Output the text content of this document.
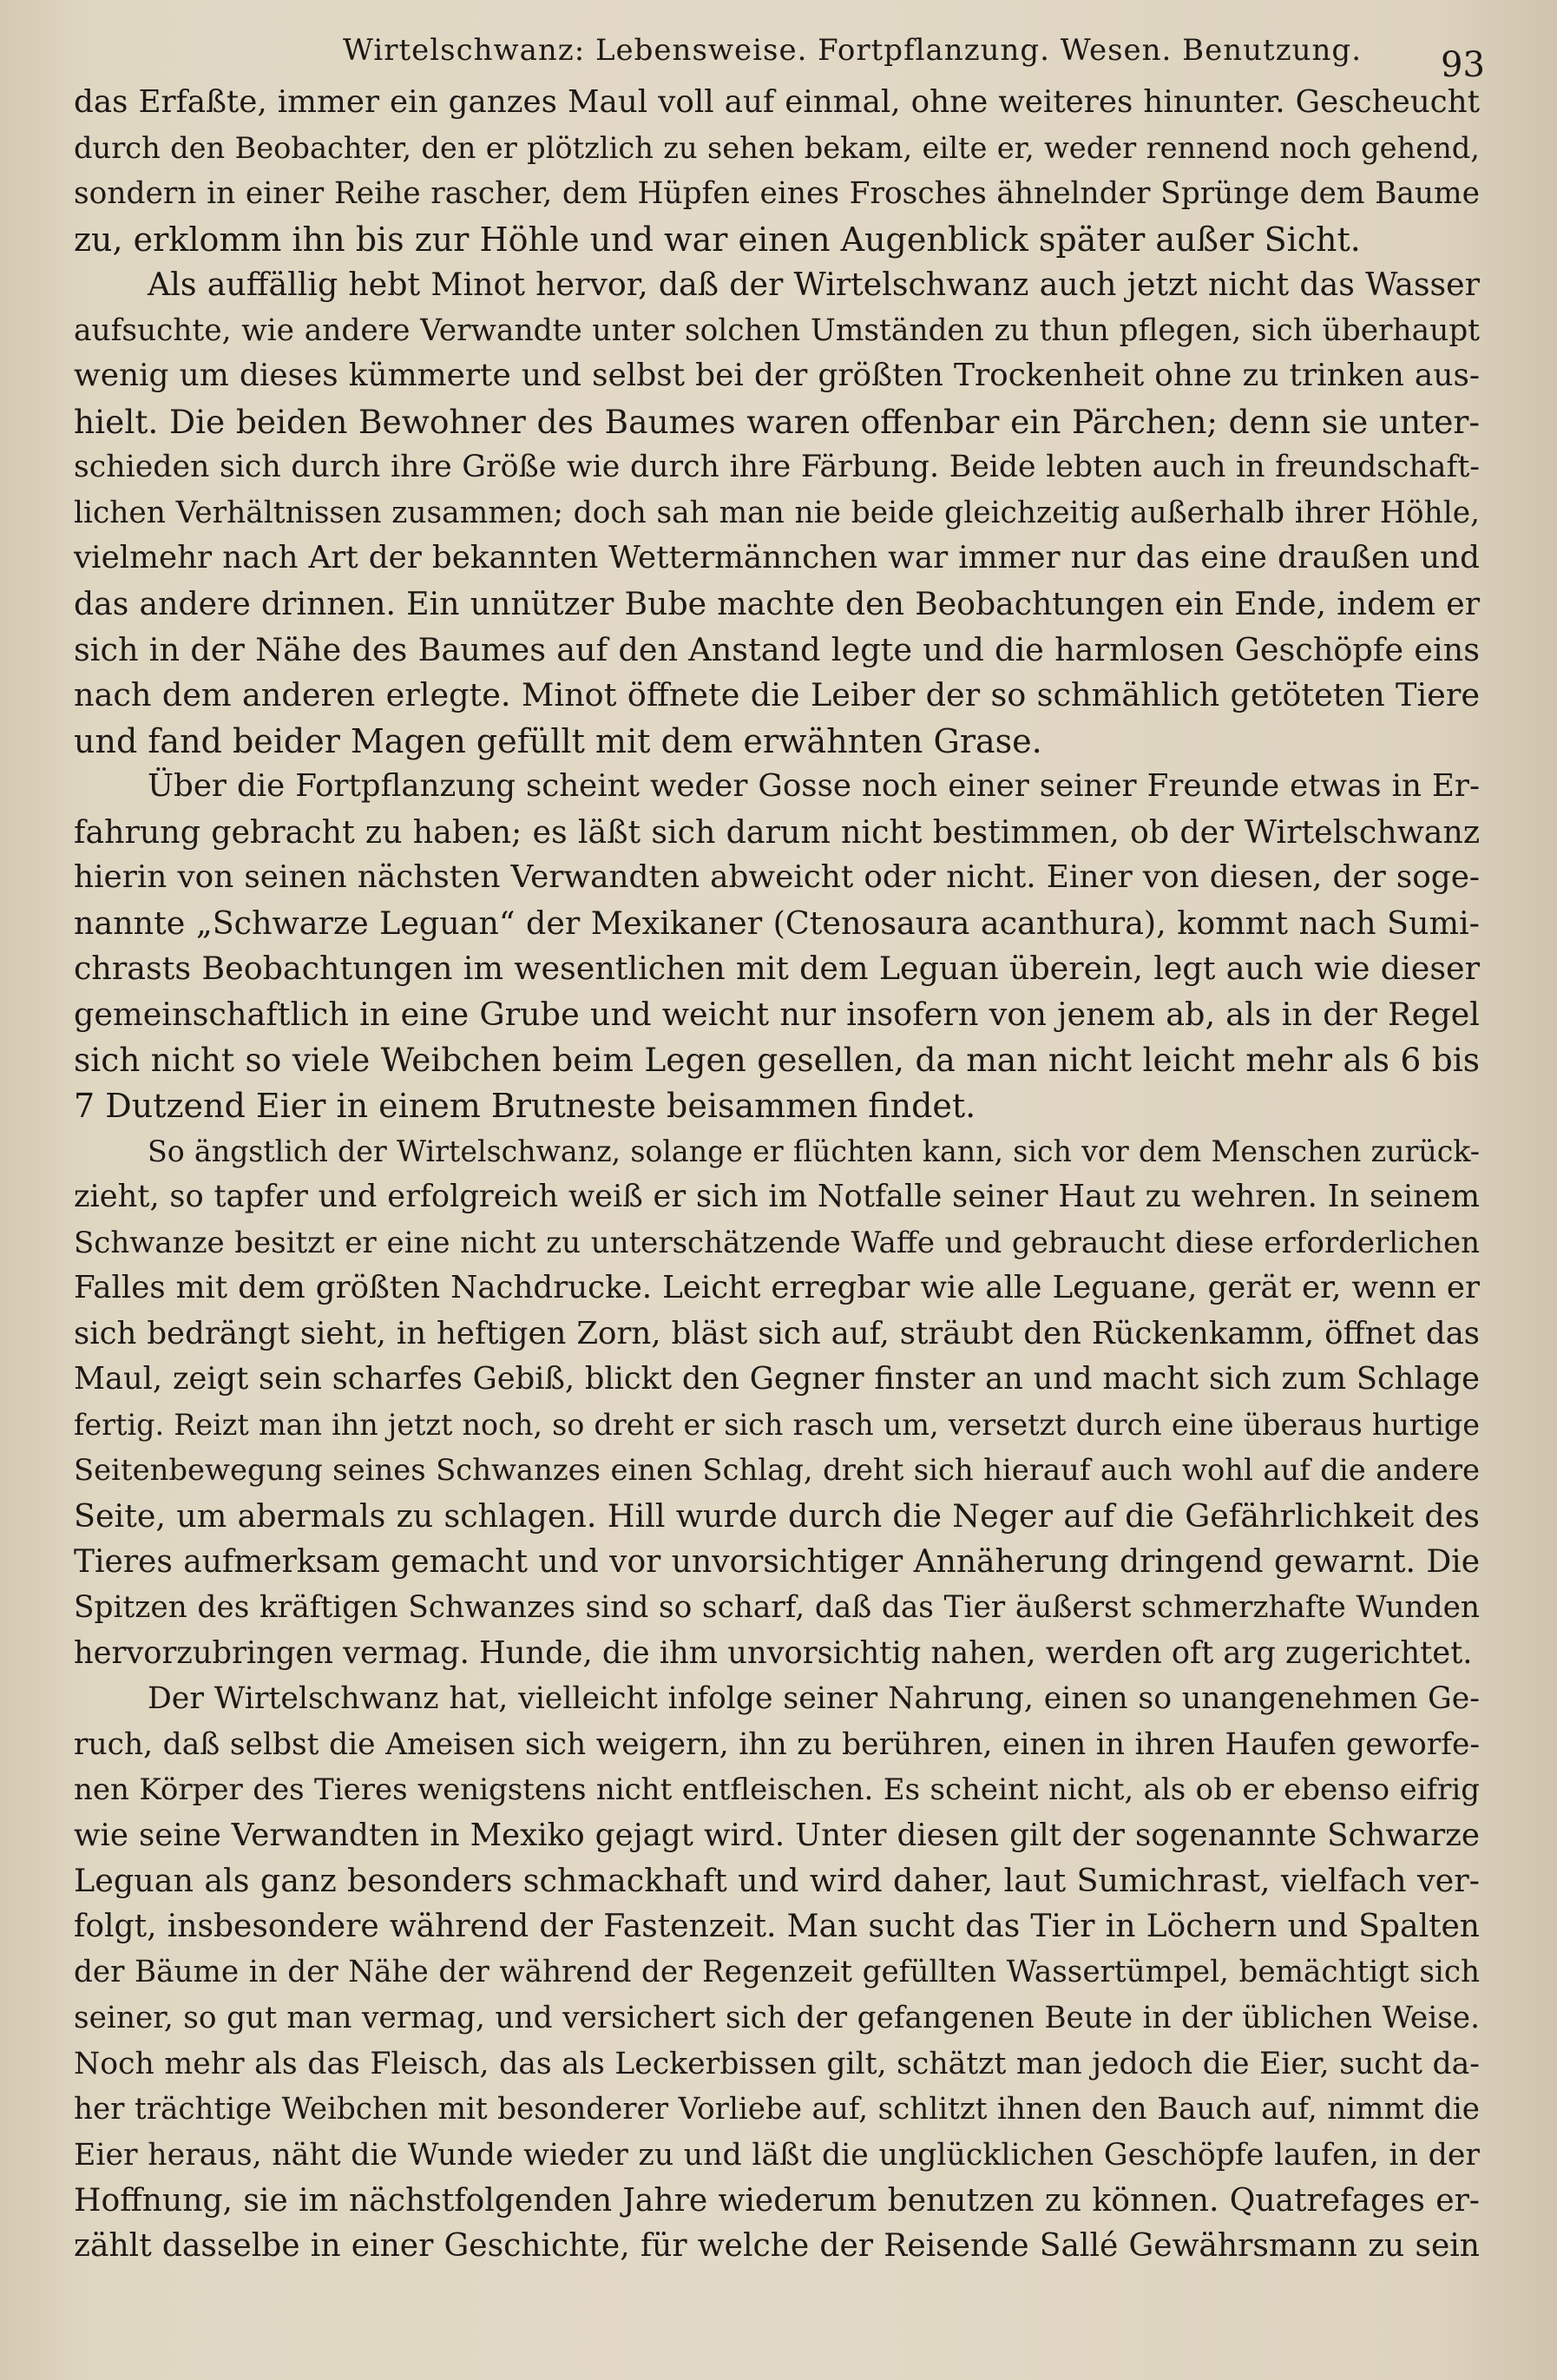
Wirtelschwanz: Lebensweise. Fortpflanzung. Wesen. Benutzung. 93
das Erfaßte, immer ein ganzes Maul voll auf einmal, ohne weiteres hinunter. Gescheucht
durch den Beobachter, den er plötzlich zu sehen bekam, eilte er, weder rennend noch gehend,
sondern in einer Reihe rascher, dem Hüpfen eines Frosches ähnelnder Sprünge dem Baume
zu, erklomm ihn bis zur Höhle und war einen Augenblick später außer Sicht.
Als auffällig hebt Minot hervor, daß der Wirtelschwanz auch jetzt nicht das Wasser
aufsuchte, wie andere Verwandte unter solchen Umständen zu thun pflegen, sich überhaupt
wenig um dieses kümmerte und selbst bei der größten Trockenheit ohne zu trinken aus-
hielt. Die beiden Bewohner des Baumes waren offenbar ein Pärchen; denn sie unter-
schieden sich durch ihre Größe wie durch ihre Färbung. Beide lebten auch in freundschaft-
lichen Verhältnissen zusammen; doch sah man nie beide gleichzeitig außerhalb ihrer Höhle,
vielmehr nach Art der bekannten Wettermännchen war immer nur das eine draußen und
das andere drinnen. Ein unnützer Bube machte den Beobachtungen ein Ende, indem er
sich in der Nähe des Baumes auf den Anstand legte und die harmlosen Geschöpfe eins
nach dem anderen erlegte. Minot öffnete die Leiber der so schmählich getöteten Tiere
und fand beider Magen gefüllt mit dem erwähnten Grase.
Über die Fortpflanzung scheint weder Gosse noch einer seiner Freunde etwas in Er-
fahrung gebracht zu haben; es läßt sich darum nicht bestimmen, ob der Wirtelschwanz
hierin von seinen nächsten Verwandten abweicht oder nicht. Einer von diesen, der soge-
nannte „Schwarze Leguan“ der Mexikaner (Ctenosaura acanthura), kommt nach Sumi-
chrasts Beobachtungen im wesentlichen mit dem Leguan überein, legt auch wie dieser
gemeinschaftlich in eine Grube und weicht nur insofern von jenem ab, als in der Regel
sich nicht so viele Weibchen beim Legen gesellen, da man nicht leicht mehr als 6 bis
7 Dutzend Eier in einem Brutneste beisammen findet.
So ängstlich der Wirtelschwanz, solange er flüchten kann, sich vor dem Menschen zurück-
zieht, so tapfer und erfolgreich weiß er sich im Notfalle seiner Haut zu wehren. In seinem
Schwanze besitzt er eine nicht zu unterschätzende Waffe und gebraucht diese erforderlichen
Falles mit dem größten Nachdrucke. Leicht erregbar wie alle Leguane, gerät er, wenn er
sich bedrängt sieht, in heftigen Zorn, bläst sich auf, sträubt den Rückenkamm, öffnet das
Maul, zeigt sein scharfes Gebiß, blickt den Gegner finster an und macht sich zum Schlage
fertig. Reizt man ihn jetzt noch, so dreht er sich rasch um, versetzt durch eine überaus hurtige
Seitenbewegung seines Schwanzes einen Schlag, dreht sich hierauf auch wohl auf die andere
Seite, um abermals zu schlagen. Hill wurde durch die Neger auf die Gefährlichkeit des
Tieres aufmerksam gemacht und vor unvorsichtiger Annäherung dringend gewarnt. Die
Spitzen des kräftigen Schwanzes sind so scharf, daß das Tier äußerst schmerzhafte Wunden
hervorzubringen vermag. Hunde, die ihm unvorsichtig nahen, werden oft arg zugerichtet.
Der Wirtelschwanz hat, vielleicht infolge seiner Nahrung, einen so unangenehmen Ge-
ruch, daß selbst die Ameisen sich weigern, ihn zu berühren, einen in ihren Haufen geworfe-
nen Körper des Tieres wenigstens nicht entfleischen. Es scheint nicht, als ob er ebenso eifrig
wie seine Verwandten in Mexiko gejagt wird. Unter diesen gilt der sogenannte Schwarze
Leguan als ganz besonders schmackhaft und wird daher, laut Sumichrast, vielfach ver-
folgt, insbesondere während der Fastenzeit. Man sucht das Tier in Löchern und Spalten
der Bäume in der Nähe der während der Regenzeit gefüllten Wassertümpel, bemächtigt sich
seiner, so gut man vermag, und versichert sich der gefangenen Beute in der üblichen Weise.
Noch mehr als das Fleisch, das als Leckerbissen gilt, schätzt man jedoch die Eier, sucht da-
her trächtige Weibchen mit besonderer Vorliebe auf, schlitzt ihnen den Bauch auf, nimmt die
Eier heraus, näht die Wunde wieder zu und läßt die unglücklichen Geschöpfe laufen, in der
Hoffnung, sie im nächstfolgenden Jahre wiederum benutzen zu können. Quatrefages er-
zählt dasselbe in einer Geschichte, für welche der Reisende Sallé Gewährsmann zu sein
